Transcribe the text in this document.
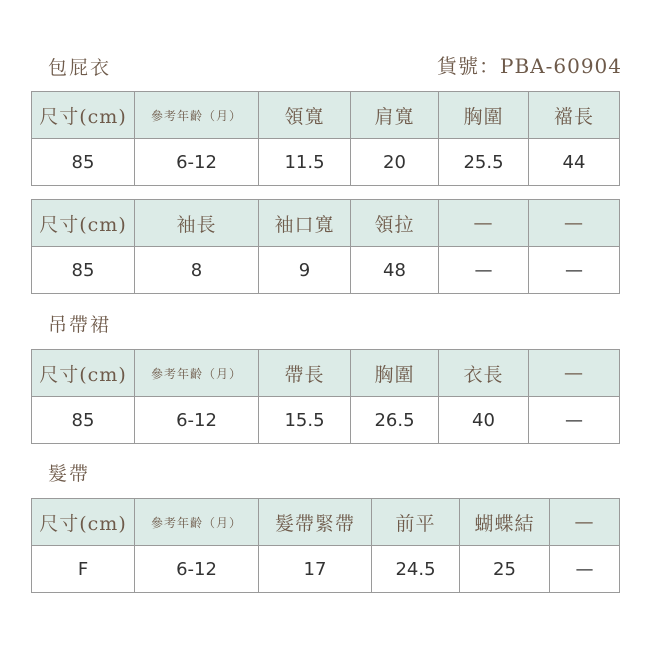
包屁衣	貨號：PBA-60904
尺寸(cm)	參考年齡（月）	領寬	肩寬	胸圍	襠長
85	6-12	11.5	20	25.5	44
尺寸(cm)	袖長	袖口寬	領拉	—	—
85	8	9	48	—	—
吊帶裙
尺寸(cm)	參考年齡（月）	帶長	胸圍	衣長	—
85	6-12	15.5	26.5	40	—
髮帶
尺寸(cm)	參考年齡（月）	髮帶緊帶	前平	蝴蝶結	—
F	6-12	17	24.5	25	—
